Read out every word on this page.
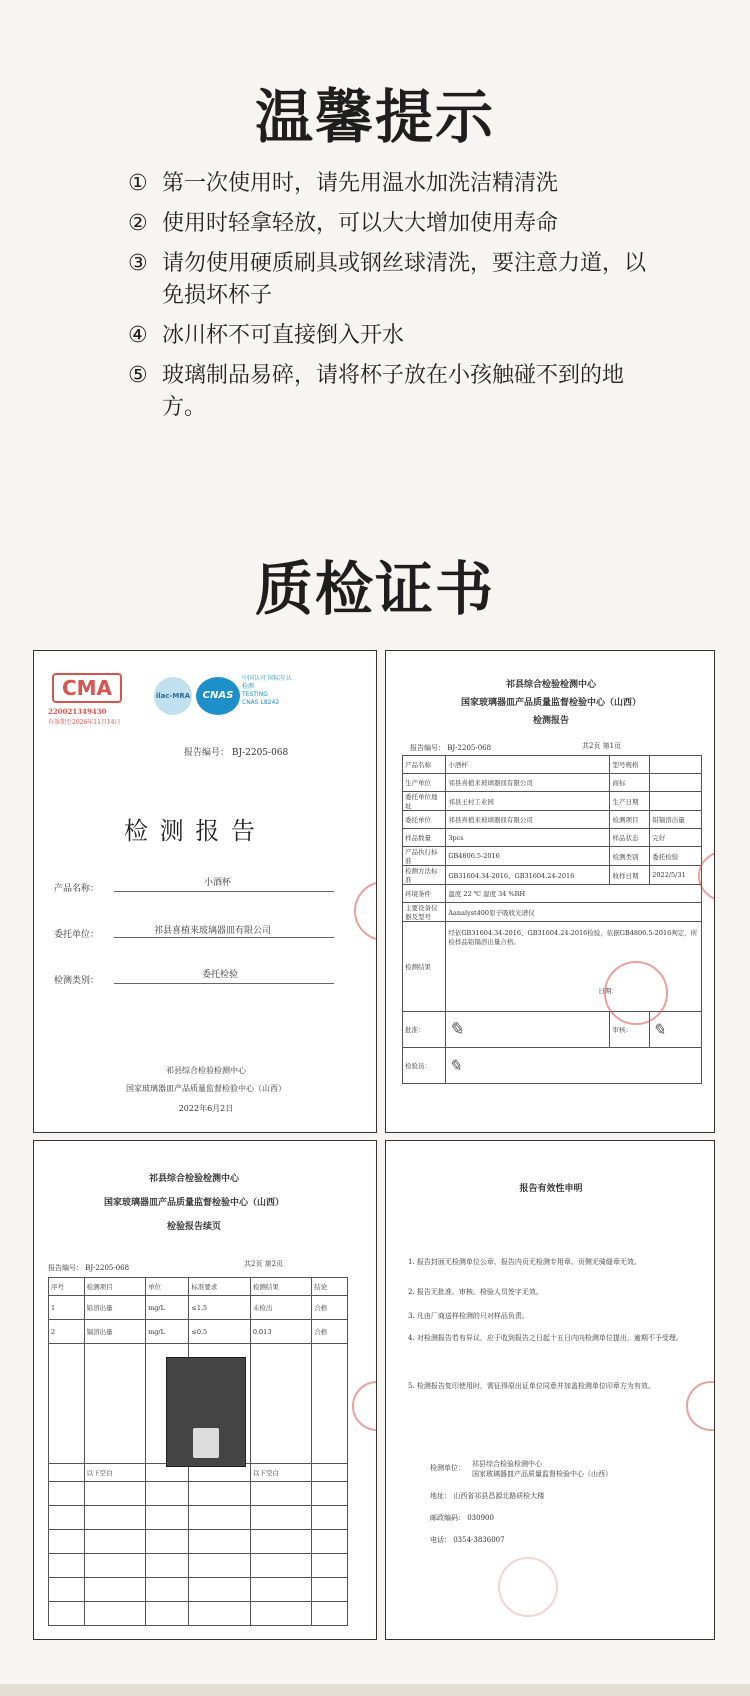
温馨提示
① 第一次使用时，请先用温水加洗洁精清洗
② 使用时轻拿轻放，可以大大增加使用寿命
③ 请勿使用硬质刷具或钢丝球清洗，要注意力道，以免损坏杯子
④ 冰川杯不可直接倒入开水
⑤ 玻璃制品易碎，请将杯子放在小孩触碰不到的地方。
质检证书
CMA
220021349430
有效期至2026年11月14日
ilac-MRA	CNAS
中国认可 国际互认 检测
TESTING
CNAS L8242
报告编号： BJ-2205-068
检 测 报 告
产品名称：
小酒杯
委托单位：	祁县喜植来玻璃器皿有限公司
检测类别：
委托检验
祁县综合检验检测中心
国家玻璃器皿产品质量监督检验中心（山西）
2022年6月2日
祁县综合检验检测中心
国家玻璃器皿产品质量监督检验中心（山西）
检测报告
报告编号： BJ-2205-068	共2页 第1页
产品名称	小酒杯	型号规格	
生产单位	祁县喜植来玻璃器皿有限公司	商标	
委托单位地址	祁县王村工业园	生产日期	
委托单位	祁县喜植来玻璃器皿有限公司	检测项目	铅镉溶出量
样品数量	3pcs	样品状态	完好
产品执行标准	GB4806.5-2016	检测类别	委托检验
检测方法标准	GB31604.34-2016、GB31604.24-2016	收样日期	2022/5/31
环境条件	温度 22 ℃ 湿度 34 %RH		
主要设备仪器及型号	Aanalyst400原子吸收光谱仪		
检测结果	经依GB31604.34-2016、GB31604.24-2016检验，依据GB4806.5-2016判定，所检样品铅镉溶出量合格。
日期：		

批准：	✎	审核：	✎
检验员：	✎		
祁县综合检验检测中心
国家玻璃器皿产品质量监督检验中心（山西）
检验报告续页
报告编号： BJ-2205-068	共2页 第2页
序号	检测项目	单位	标准要求	检测结果	结论
1	铅溶出量	mg/L	≤1.5	未检出	合格
2	镉溶出量	mg/L	≤0.5	0.013	合格

	以下空白			以下空白	

报告有效性申明
1. 报告封面无检测单位公章、报告内页无检测专用章、页侧无骑缝章无效。
2. 报告无批准、审核、检验人员签字无效。
3. 凡由厂商送样检测的只对样品负责。
4. 对检测报告若有异议，应于收到报告之日起十五日内向检测单位提出，逾期不予受理。
5. 检测报告复印使用时，需征得原出证单位同意并加盖检测单位印章方为有效。
检测单位： 祁县综合检验检测中心
国家玻璃器皿产品质量监督检验中心（山西）
地址： 山西省祁县昌源北路质检大楼
邮政编码： 030900
电话： 0354-3836007
